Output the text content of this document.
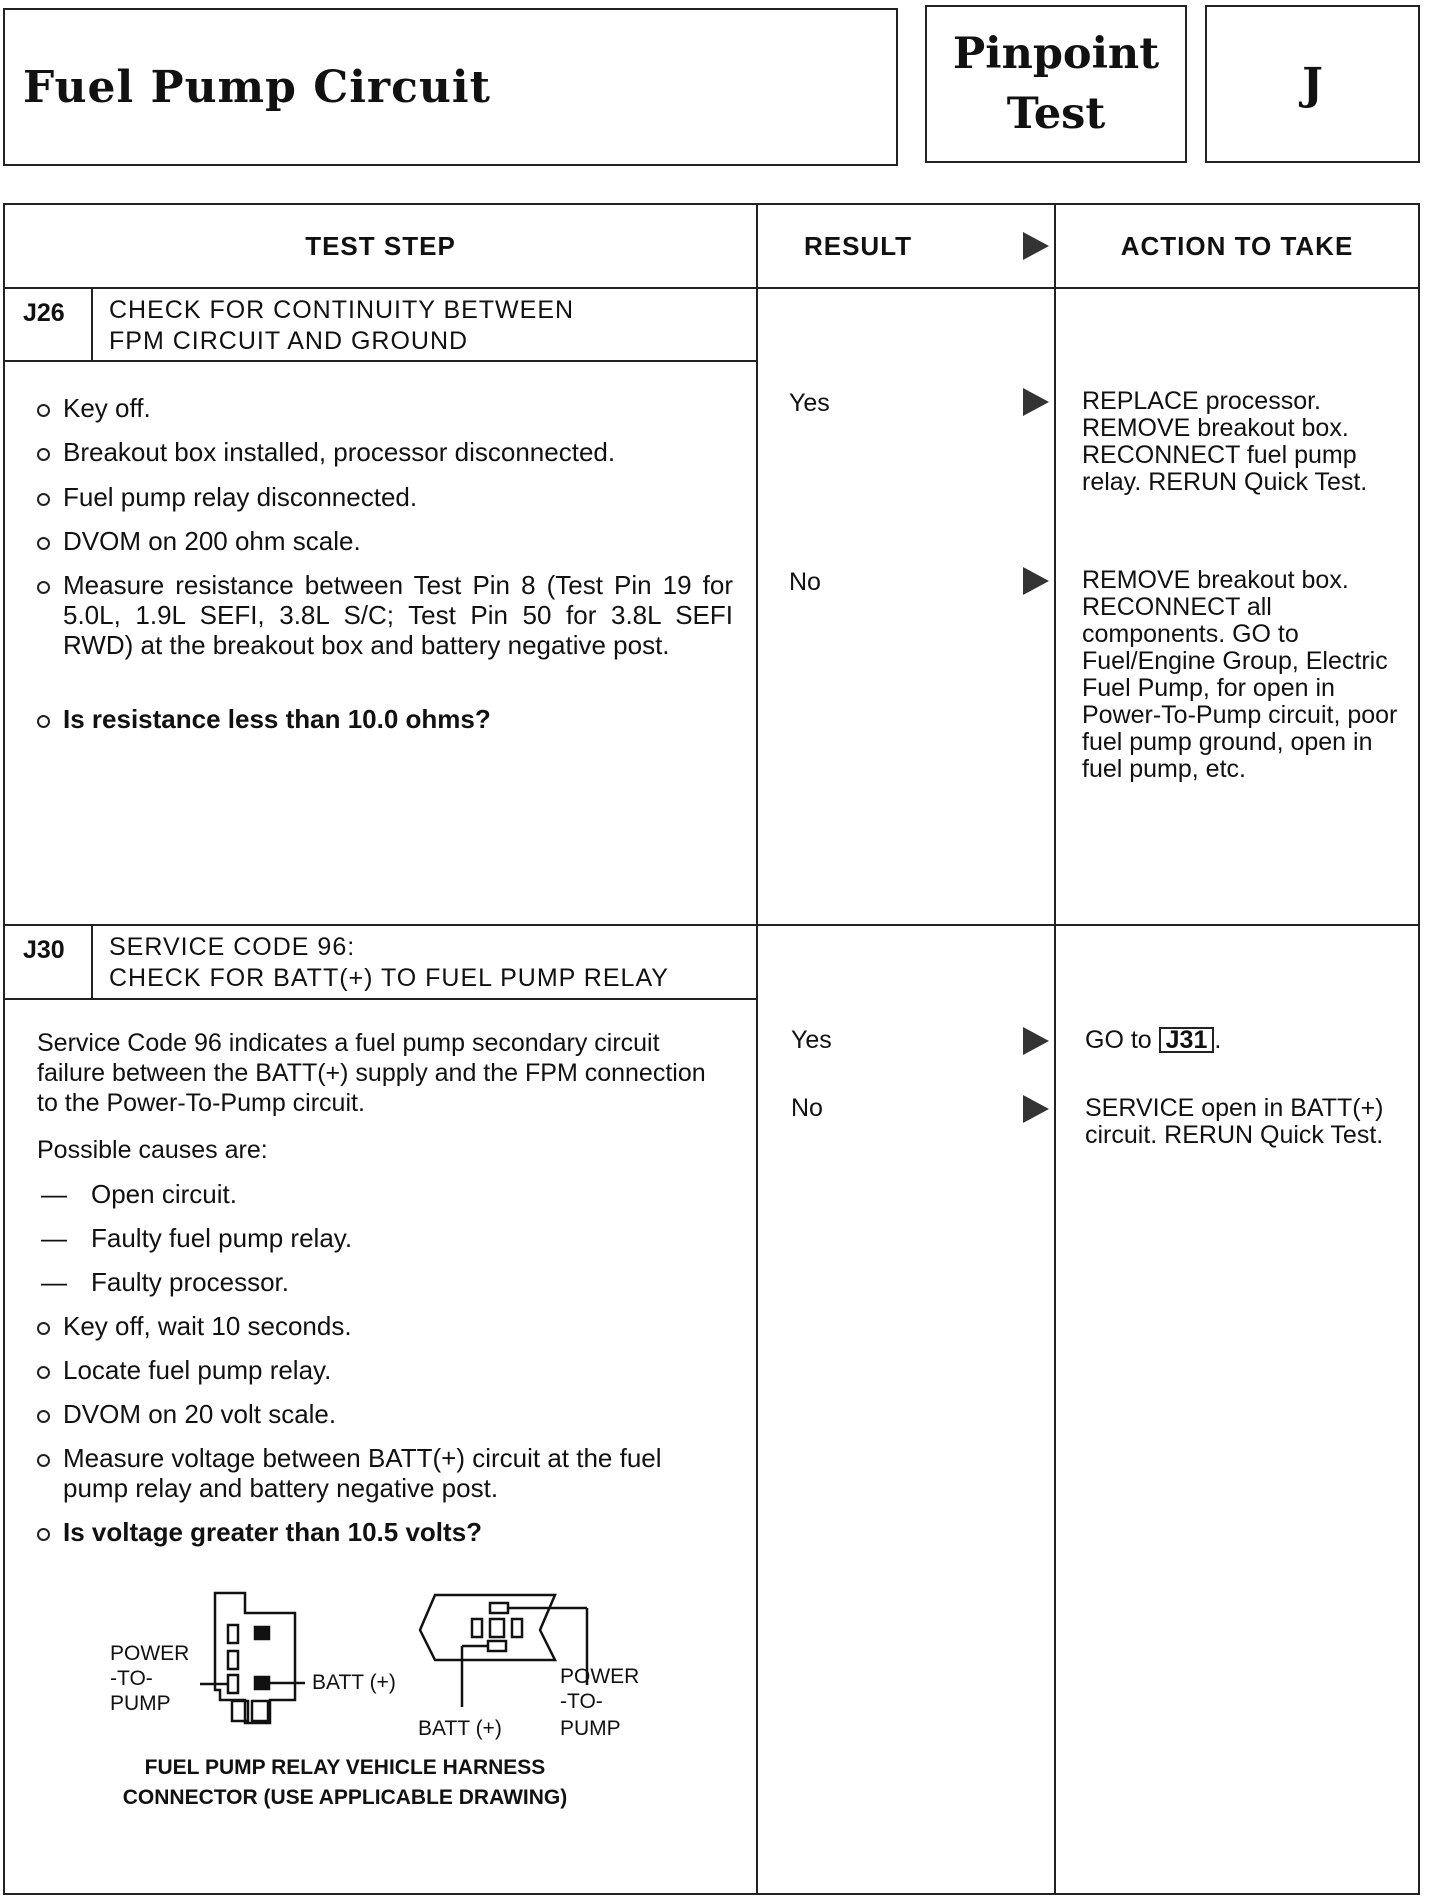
Fuel Pump Circuit
Pinpoint
Test
J
TEST STEP	RESULT	ACTION TO TAKE
J26 CHECK FOR CONTINUITY BETWEEN
FPM CIRCUIT AND GROUND
Key off.
Breakout box installed, processor disconnected.
Fuel pump relay disconnected.
DVOM on 200 ohm scale.
Measure resistance between Test Pin 8 (Test Pin 19 for 5.0L, 1.9L SEFI, 3.8L S/C; Test Pin 50 for 3.8L SEFI RWD) at the breakout box and battery negative post.
Is resistance less than 10.0 ohms?
Yes	REPLACE processor. REMOVE breakout box. RECONNECT fuel pump relay. RERUN Quick Test.
No	REMOVE breakout box. RECONNECT all components. GO to Fuel/Engine Group, Electric Fuel Pump, for open in Power-To-Pump circuit, poor fuel pump ground, open in fuel pump, etc.
J30 SERVICE CODE 96:
CHECK FOR BATT(+) TO FUEL PUMP RELAY
Service Code 96 indicates a fuel pump secondary circuit failure between the BATT(+) supply and the FPM connection to the Power-To-Pump circuit.
Possible causes are:
— Open circuit.
— Faulty fuel pump relay.
— Faulty processor.
Key off, wait 10 seconds.
Locate fuel pump relay.
DVOM on 20 volt scale.
Measure voltage between BATT(+) circuit at the fuel pump relay and battery negative post.
Is voltage greater than 10.5 volts?
POWER
-TO-
PUMP
BATT (+)	POWER
-TO-
PUMP
BATT (+)
FUEL PUMP RELAY VEHICLE HARNESS
CONNECTOR (USE APPLICABLE DRAWING)
Yes	GO to J31 .
No	SERVICE open in BATT(+) circuit. RERUN Quick Test.
